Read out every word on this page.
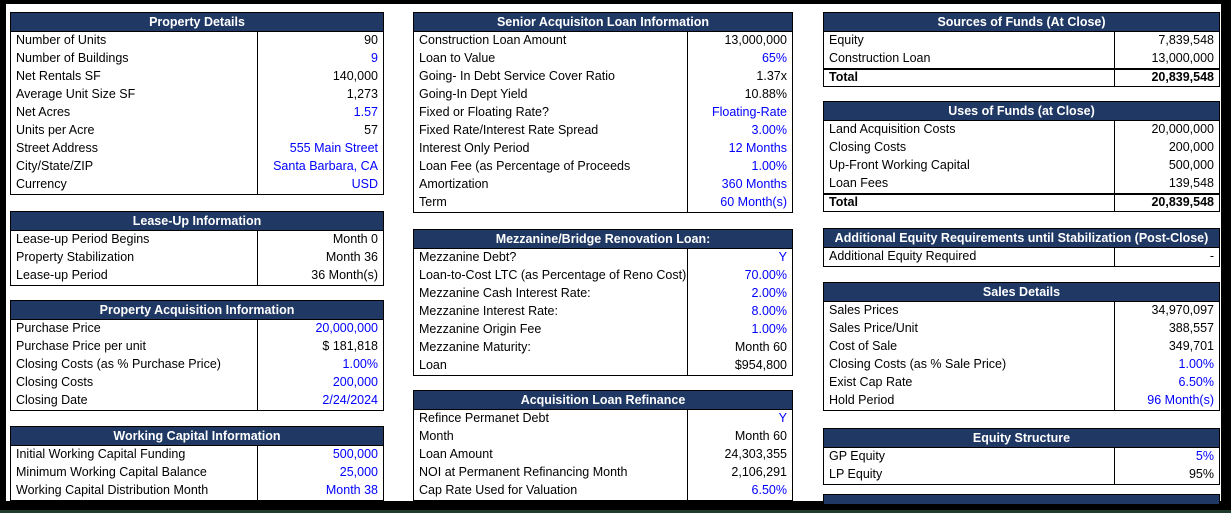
Property Details
Number of Units	90
Number of Buildings	9
Net Rentals SF	140,000
Average Unit Size SF	1,273
Net Acres	1.57
Units per Acre	57
Street Address	555 Main Street
City/State/ZIP	Santa Barbara, CA
Currency	USD
Lease-Up Information
Lease-up Period Begins	Month 0
Property Stabilization	Month 36
Lease-up Period	36 Month(s)
Property Acquisition Information
Purchase Price	20,000,000
Purchase Price per unit	$ 181,818
Closing Costs (as % Purchase Price)	1.00%
Closing Costs	200,000
Closing Date	2/24/2024
Working Capital Information
Initial Working Capital Funding	500,000
Minimum Working Capital Balance	25,000
Working Capital Distribution Month	Month 38
Senior Acquisiton Loan Information
Construction Loan Amount	13,000,000
Loan to Value	65%
Going- In Debt Service Cover Ratio	1.37x
Going-In Dept Yield	10.88%
Fixed or Floating Rate?	Floating-Rate
Fixed Rate/Interest Rate Spread	3.00%
Interest Only Period	12 Months
Loan Fee (as Percentage of Proceeds	1.00%
Amortization	360 Months
Term	60 Month(s)
Mezzanine/Bridge Renovation Loan:
Mezzanine Debt?	Y
Loan-to-Cost LTC (as Percentage of Reno Cost)	70.00%
Mezzanine Cash Interest Rate:	2.00%
Mezzanine Interest Rate:	8.00%
Mezzanine Origin Fee	1.00%
Mezzanine Maturity:	Month 60
Loan	$954,800
Acquisition Loan Refinance
Refince Permanet Debt	Y
Month	Month 60
Loan Amount	24,303,355
NOI at Permanent Refinancing Month	2,106,291
Cap Rate Used for Valuation	6.50%
Sources of Funds (At Close)
Equity	7,839,548
Construction Loan	13,000,000
Total	20,839,548
Uses of Funds (at Close)
Land Acquisition Costs	20,000,000
Closing Costs	200,000
Up-Front Working Capital	500,000
Loan Fees	139,548
Total	20,839,548
Additional Equity Requirements until Stabilization (Post-Close)
Additional Equity Required	-
Sales Details
Sales Prices	34,970,097
Sales Price/Unit	388,557
Cost of Sale	349,701
Closing Costs (as % Sale Price)	1.00%
Exist Cap Rate	6.50%
Hold Period	96 Month(s)
Equity Structure
GP Equity	5%
LP Equity	95%
